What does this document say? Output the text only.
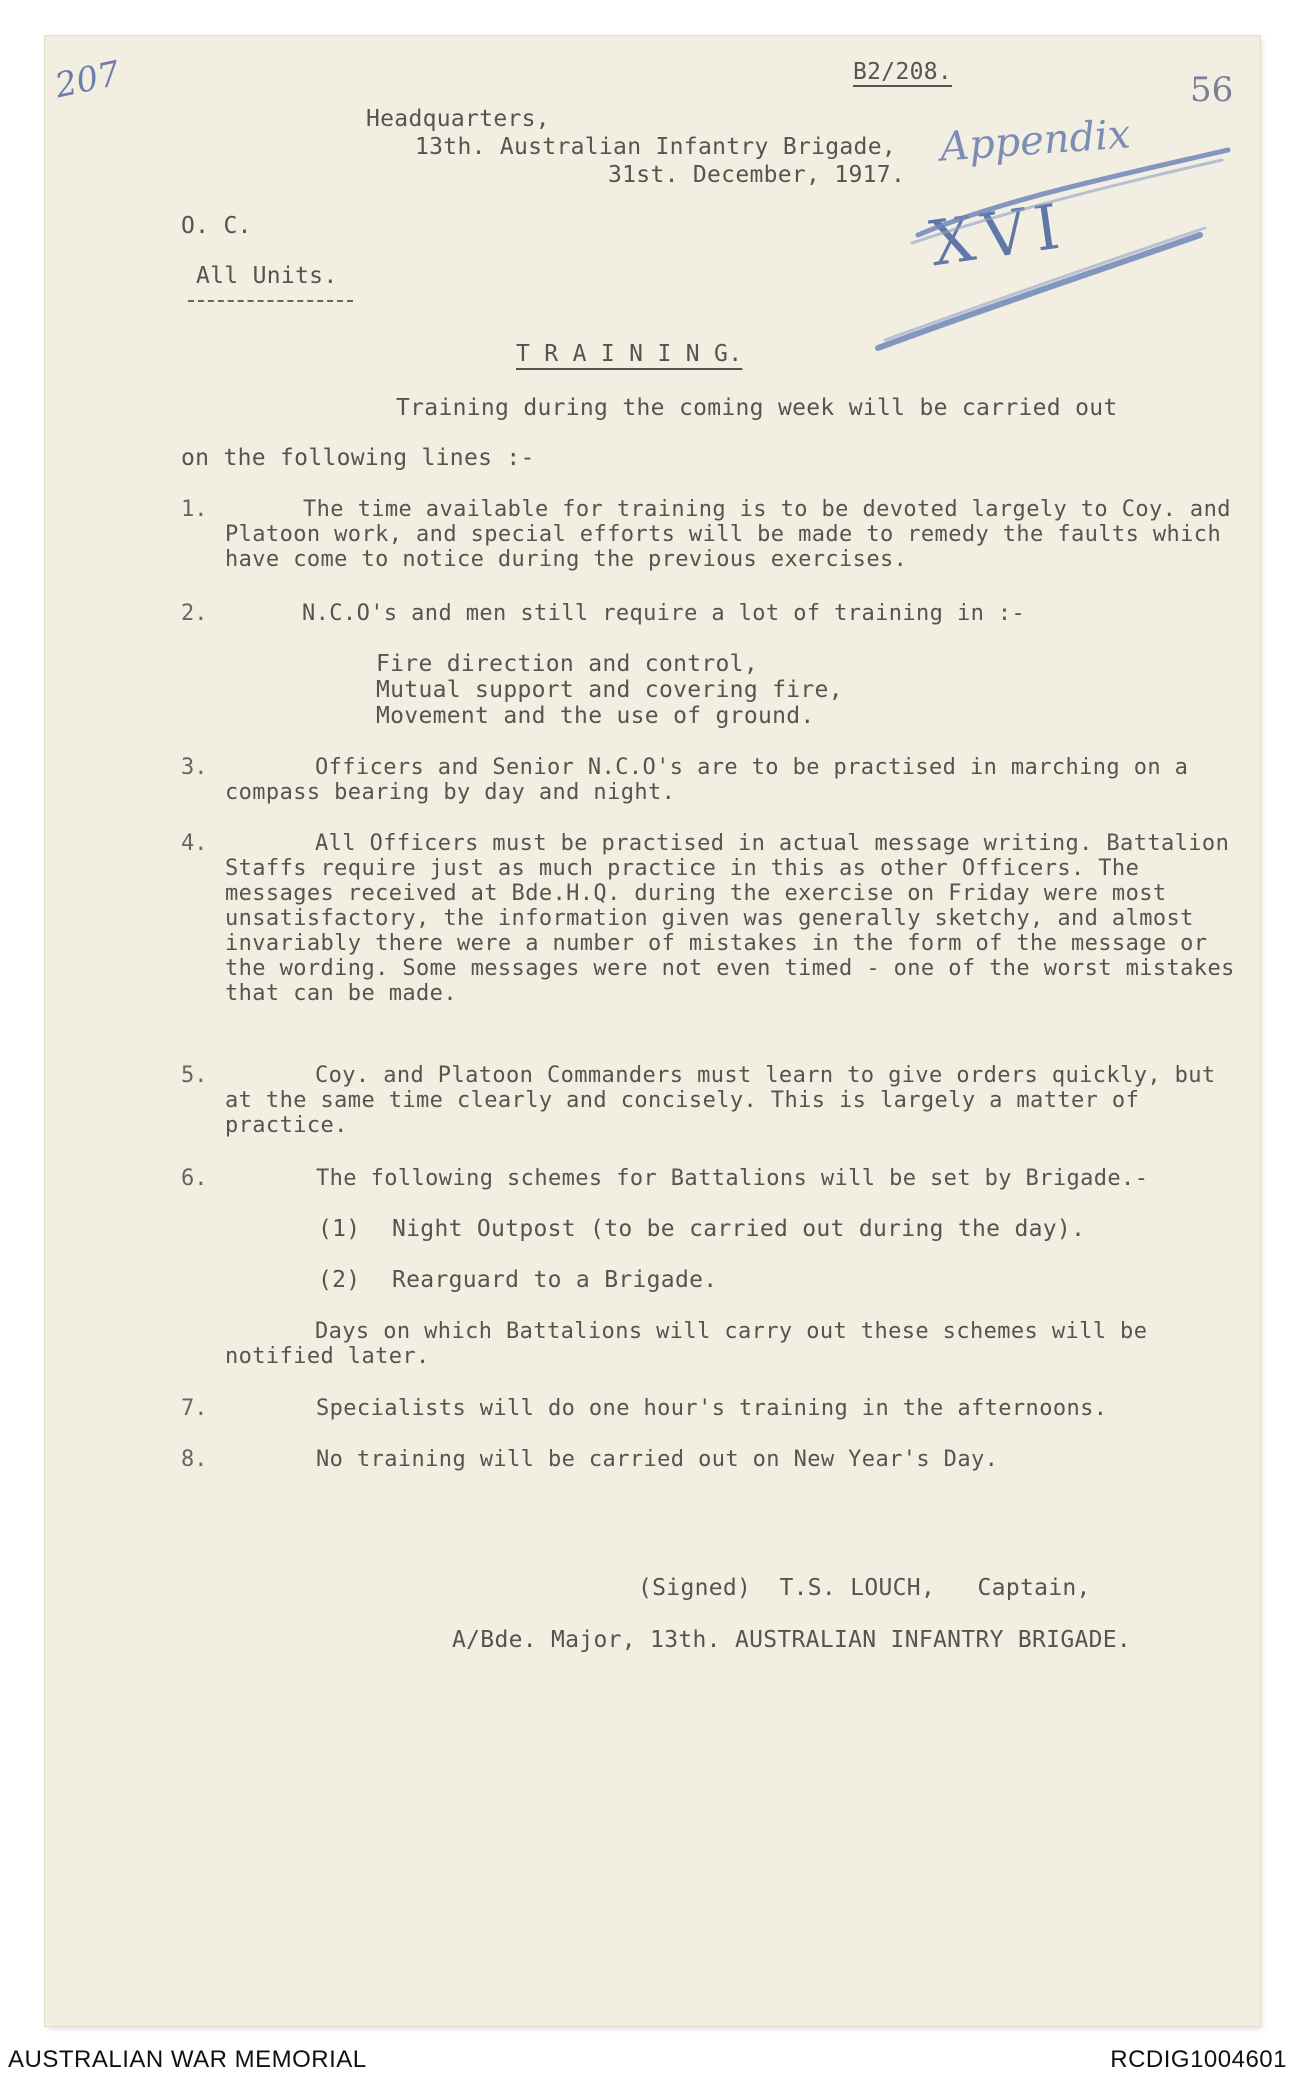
207	56
B2/208.
Appendix
XVI
Headquarters,
13th. Australian Infantry Brigade,
31st. December, 1917.
O. C.
All Units.
T R A I N I N G.
Training during the coming week will be carried out
on the following lines :-
1.	The time available for training is to be devoted largely to Coy. and Platoon work, and special efforts will be made to remedy the faults which have come to notice during the previous exercises.
2.	N.C.O's and men still require a lot of training in :-
Fire direction and control,
Mutual support and covering fire,
Movement and the use of ground.
3.	Officers and Senior N.C.O's are to be practised in marching on a compass bearing by day and night.
4.	All Officers must be practised in actual message writing. Battalion Staffs require just as much practice in this as other Officers. The messages received at Bde.H.Q. during the exercise on Friday were most unsatisfactory, the information given was generally sketchy, and almost invariably there were a number of mistakes in the form of the message or the wording. Some messages were not even timed - one of the worst mistakes that can be made.
5.	Coy. and Platoon Commanders must learn to give orders quickly, but at the same time clearly and concisely. This is largely a matter of practice.
6.	The following schemes for Battalions will be set by Brigade.-
(1) Night Outpost (to be carried out during the day).
(2) Rearguard to a Brigade.
Days on which Battalions will carry out these schemes will be notified later.
7.	Specialists will do one hour's training in the afternoons.
8.	No training will be carried out on New Year's Day.
(Signed)  T.S. LOUCH,   Captain,
A/Bde. Major, 13th. AUSTRALIAN INFANTRY BRIGADE.
AUSTRALIAN WAR MEMORIAL	RCDIG1004601
